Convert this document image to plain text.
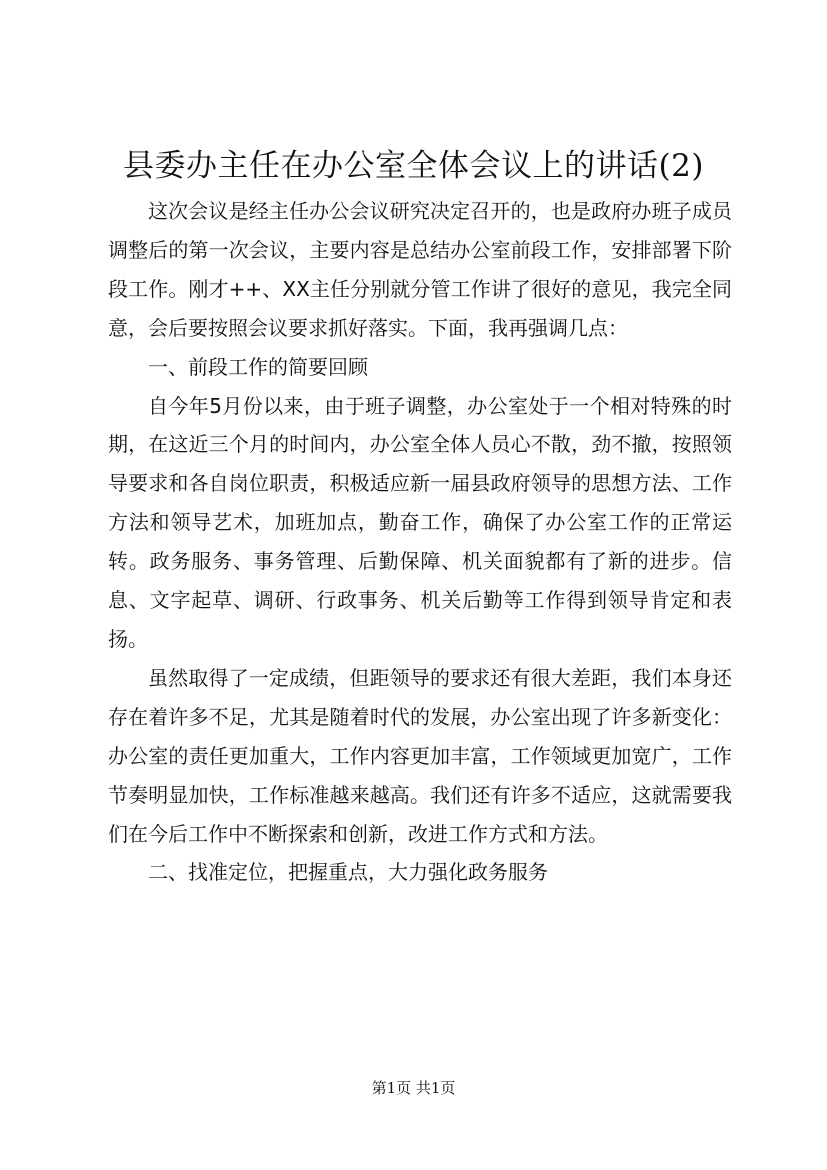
县委办主任在办公室全体会议上的讲话(2)

这次会议是经主任办公会议研究决定召开的，也是政府办班子成员调整后的第一次会议，主要内容是总结办公室前段工作，安排部署下阶段工作。刚才++、XX主任分别就分管工作讲了很好的意见，我完全同意，会后要按照会议要求抓好落实。下面，我再强调几点：

一、前段工作的简要回顾

自今年5月份以来，由于班子调整，办公室处于一个相对特殊的时期，在这近三个月的时间内，办公室全体人员心不散，劲不撤，按照领导要求和各自岗位职责，积极适应新一届县政府领导的思想方法、工作方法和领导艺术，加班加点，勤奋工作，确保了办公室工作的正常运转。政务服务、事务管理、后勤保障、机关面貌都有了新的进步。信息、文字起草、调研、行政事务、机关后勤等工作得到领导肯定和表扬。

虽然取得了一定成绩，但距领导的要求还有很大差距，我们本身还存在着许多不足，尤其是随着时代的发展，办公室出现了许多新变化：办公室的责任更加重大，工作内容更加丰富，工作领域更加宽广，工作节奏明显加快，工作标准越来越高。我们还有许多不适应，这就需要我们在今后工作中不断探索和创新，改进工作方式和方法。

二、找准定位，把握重点，大力强化政务服务

第1页 共1页
